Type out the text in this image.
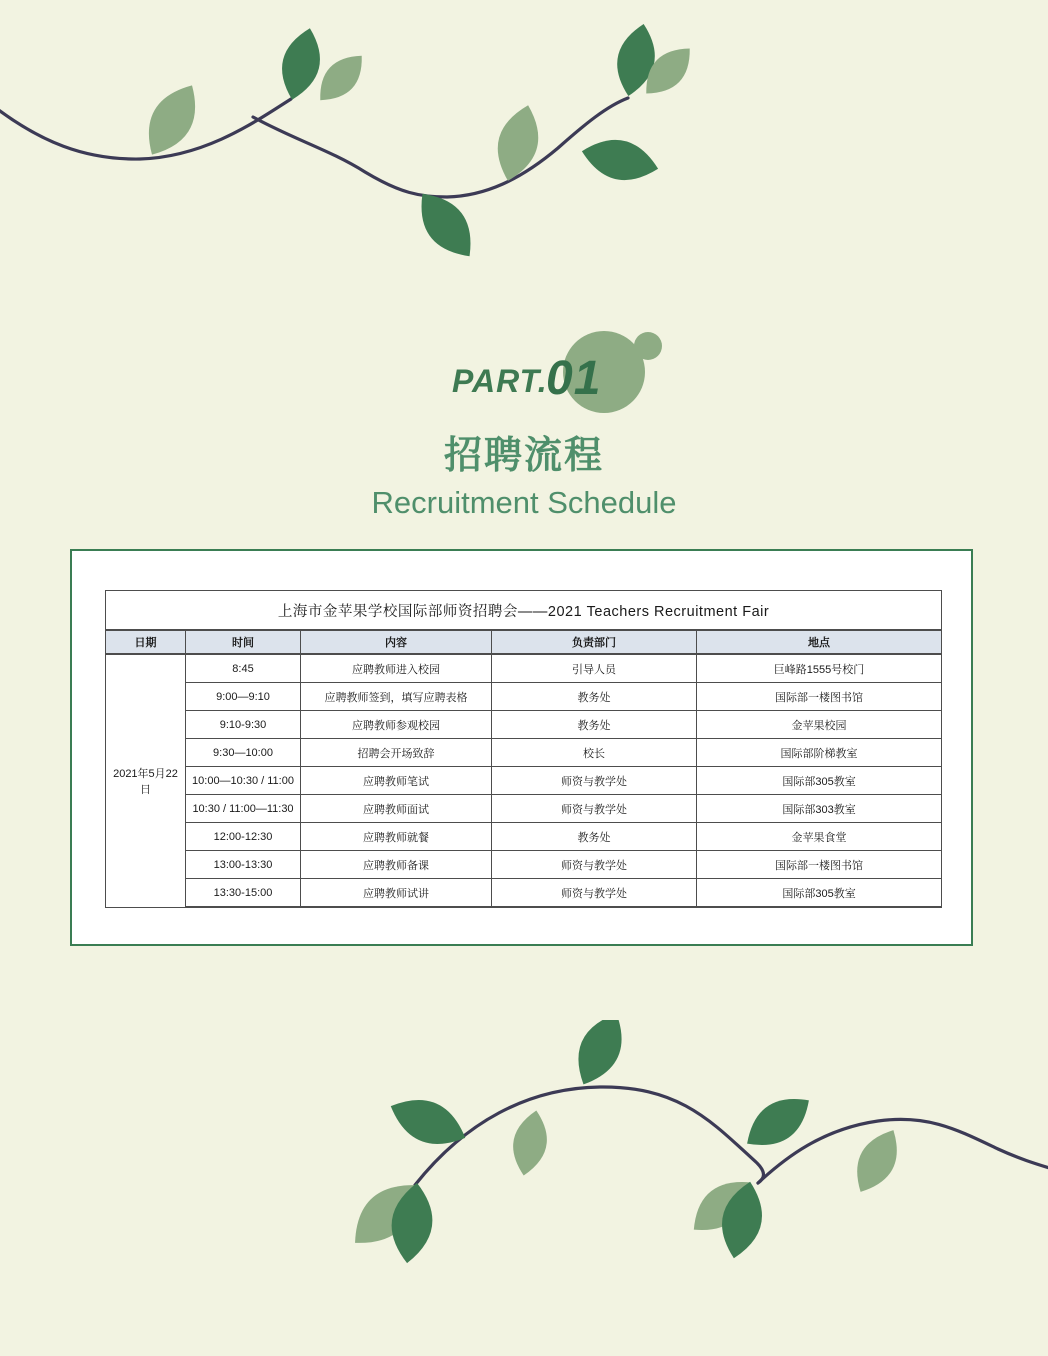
PART.
01
招聘流程
Recruitment Schedule
上海市金苹果学校国际部师资招聘会——2021 Teachers Recruitment Fair				
日期	时间	内容	负责部门	地点
2021年5月22日	8:45	应聘教师进入校园	引导人员	巨峰路1555号校门
	9:00—9:10	应聘教师签到，填写应聘表格	教务处	国际部一楼图书馆
	9:10-9:30	应聘教师参观校园	教务处	金苹果校园
	9:30—10:00	招聘会开场致辞	校长	国际部阶梯教室
	10:00—10:30 / 11:00	应聘教师笔试	师资与教学处	国际部305教室
	10:30 / 11:00—11:30	应聘教师面试	师资与教学处	国际部303教室
	12:00-12:30	应聘教师就餐	教务处	金苹果食堂
	13:00-13:30	应聘教师备课	师资与教学处	国际部一楼图书馆
	13:30-15:00	应聘教师试讲	师资与教学处	国际部305教室
